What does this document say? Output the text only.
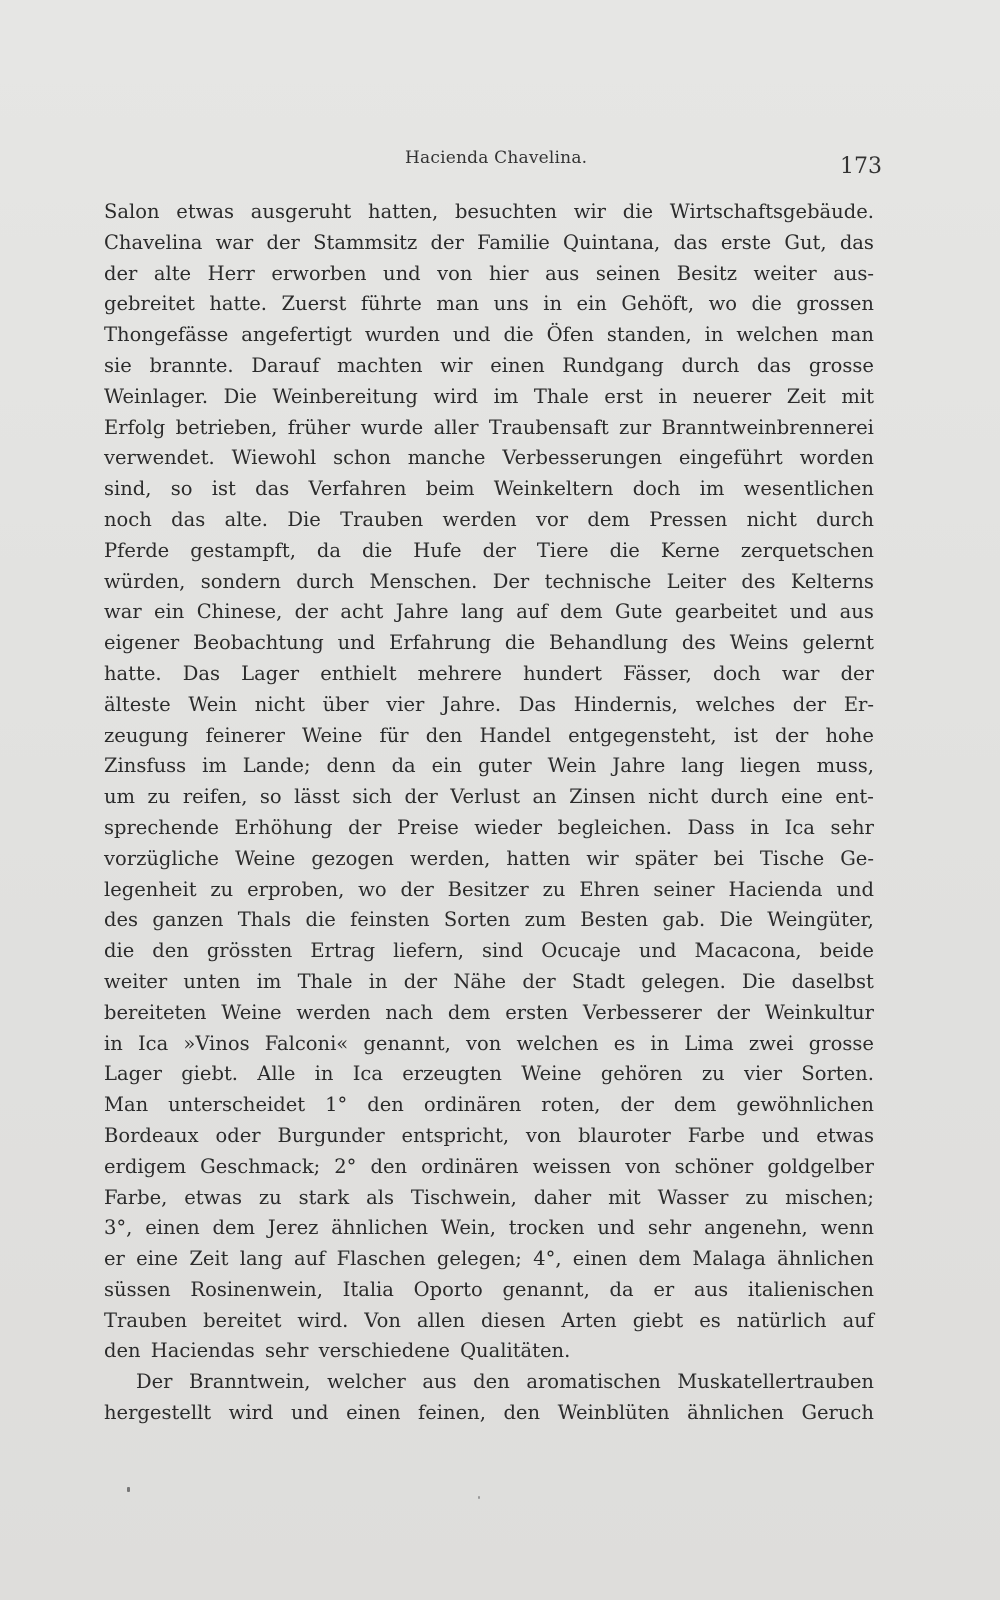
Hacienda Chavelina.	173
Salon etwas ausgeruht hatten, besuchten wir die Wirtschaftsgebäude.
Chavelina war der Stammsitz der Familie Quintana, das erste Gut, das
der alte Herr erworben und von hier aus seinen Besitz weiter aus-
gebreitet hatte. Zuerst führte man uns in ein Gehöft, wo die grossen
Thongefässe angefertigt wurden und die Öfen standen, in welchen man
sie brannte. Darauf machten wir einen Rundgang durch das grosse
Weinlager. Die Weinbereitung wird im Thale erst in neuerer Zeit mit
Erfolg betrieben, früher wurde aller Traubensaft zur Branntweinbrennerei
verwendet. Wiewohl schon manche Verbesserungen eingeführt worden
sind, so ist das Verfahren beim Weinkeltern doch im wesentlichen
noch das alte. Die Trauben werden vor dem Pressen nicht durch
Pferde gestampft, da die Hufe der Tiere die Kerne zerquetschen
würden, sondern durch Menschen. Der technische Leiter des Kelterns
war ein Chinese, der acht Jahre lang auf dem Gute gearbeitet und aus
eigener Beobachtung und Erfahrung die Behandlung des Weins gelernt
hatte. Das Lager enthielt mehrere hundert Fässer, doch war der
älteste Wein nicht über vier Jahre. Das Hindernis, welches der Er-
zeugung feinerer Weine für den Handel entgegensteht, ist der hohe
Zinsfuss im Lande; denn da ein guter Wein Jahre lang liegen muss,
um zu reifen, so lässt sich der Verlust an Zinsen nicht durch eine ent-
sprechende Erhöhung der Preise wieder begleichen. Dass in Ica sehr
vorzügliche Weine gezogen werden, hatten wir später bei Tische Ge-
legenheit zu erproben, wo der Besitzer zu Ehren seiner Hacienda und
des ganzen Thals die feinsten Sorten zum Besten gab. Die Weingüter,
die den grössten Ertrag liefern, sind Ocucaje und Macacona, beide
weiter unten im Thale in der Nähe der Stadt gelegen. Die daselbst
bereiteten Weine werden nach dem ersten Verbesserer der Weinkultur
in Ica »Vinos Falconi« genannt, von welchen es in Lima zwei grosse
Lager giebt. Alle in Ica erzeugten Weine gehören zu vier Sorten.
Man unterscheidet 1° den ordinären roten, der dem gewöhnlichen
Bordeaux oder Burgunder entspricht, von blauroter Farbe und etwas
erdigem Geschmack; 2° den ordinären weissen von schöner goldgelber
Farbe, etwas zu stark als Tischwein, daher mit Wasser zu mischen;
3°, einen dem Jerez ähnlichen Wein, trocken und sehr angenehn, wenn
er eine Zeit lang auf Flaschen gelegen; 4°, einen dem Malaga ähnlichen
süssen Rosinenwein, Italia Oporto genannt, da er aus italienischen
Trauben bereitet wird. Von allen diesen Arten giebt es natürlich auf
den Haciendas sehr verschiedene Qualitäten.
Der Branntwein, welcher aus den aromatischen Muskatellertrauben
hergestellt wird und einen feinen, den Weinblüten ähnlichen Geruch
